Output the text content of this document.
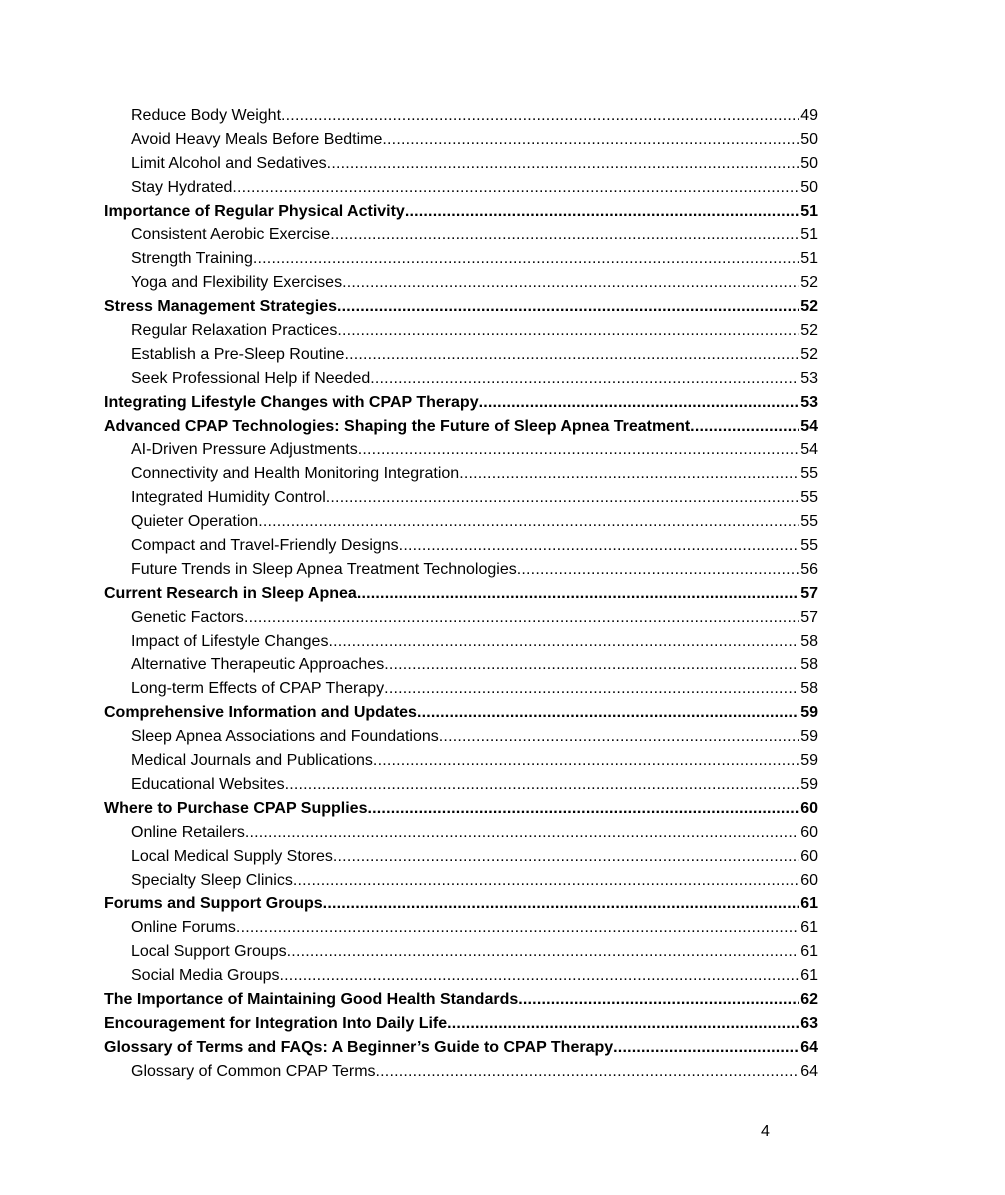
Reduce Body Weight .....	49
Avoid Heavy Meals Before Bedtime .....	50
Limit Alcohol and Sedatives .....	50
Stay Hydrated .....	50
Importance of Regular Physical Activity .....	51
Consistent Aerobic Exercise .....	51
Strength Training .....	51
Yoga and Flexibility Exercises .....	52
Stress Management Strategies .....	52
Regular Relaxation Practices .....	52
Establish a Pre-Sleep Routine .....	52
Seek Professional Help if Needed .....	53
Integrating Lifestyle Changes with CPAP Therapy .....	53
Advanced CPAP Technologies: Shaping the Future of Sleep Apnea Treatment .....	54
AI-Driven Pressure Adjustments .....	54
Connectivity and Health Monitoring Integration .....	55
Integrated Humidity Control .....	55
Quieter Operation .....	55
Compact and Travel-Friendly Designs .....	55
Future Trends in Sleep Apnea Treatment Technologies .....	56
Current Research in Sleep Apnea .....	57
Genetic Factors .....	57
Impact of Lifestyle Changes .....	58
Alternative Therapeutic Approaches .....	58
Long-term Effects of CPAP Therapy .....	58
Comprehensive Information and Updates .....	59
Sleep Apnea Associations and Foundations .....	59
Medical Journals and Publications .....	59
Educational Websites .....	59
Where to Purchase CPAP Supplies .....	60
Online Retailers .....	60
Local Medical Supply Stores .....	60
Specialty Sleep Clinics .....	60
Forums and Support Groups .....	61
Online Forums .....	61
Local Support Groups .....	61
Social Media Groups .....	61
The Importance of Maintaining Good Health Standards .....	62
Encouragement for Integration Into Daily Life .....	63
Glossary of Terms and FAQs: A Beginner’s Guide to CPAP Therapy .....	64
Glossary of Common CPAP Terms .....	64
4
